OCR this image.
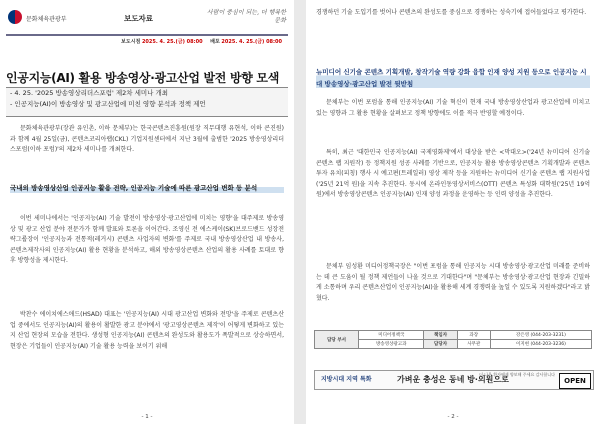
문화체육관광부	보도자료
사람이 중심이 되는, 더 행복한 문화
보도시점 2025. 4. 25.(금) 08:00 배포 2025. 4. 25.(금) 08:00
인공지능(AI) 활용 방송영상·광고산업 발전 방향 모색
- 4. 25. '2025 방송영상리더스포럼' 제2차 세미나 개최
- 인공지능(AI)이 방송영상 및 광고산업에 미친 영향 분석과 정책 제언
문화체육관광부(장관 유인촌, 이하 문체부)는 한국콘텐츠진흥원(원장 직무대행 유현석, 이하 콘진원)과 함께 4월 25일(금), 콘텐츠코리아랩(CKL) 기업지원센터에서 지난 3월에 출범한 '2025 방송영상리더스포럼(이하 포럼)'의 제2차 세미나를 개최한다.
국내외 방송영상산업 인공지능 활용 전략, 인공지능 기술에 따른 광고산업 변화 등 분석
이번 세미나에서는 '인공지능(AI) 기술 발전이 방송영상·광고산업에 미치는 영향'을 대주제로 방송영상 및 광고 산업 분야 전문가가 함께 발표와 토론을 이어간다. 조영신 전 에스케이(SK)브로드밴드 성장전략그룹장이 '인공지능과 전통적(레거시) 콘텐츠 사업자의 변화'를 주제로 국내 방송영상산업 내 방송사, 콘텐츠제작사의 인공지능(AI) 활용 현황을 분석하고, 해외 방송영상콘텐츠 산업의 활용 사례를 토대로 향후 방향성을 제시한다.
박찬수 에이치에스애드(HSAD) 대표는 '인공지능(AI) 시대 광고산업 변화와 전망'을 주제로 콘텐츠산업 중에서도 인공지능(AI)의 활용이 활발한 광고 분야에서 '광고영상콘텐츠 제작'이 어떻게 변화하고 있는지 산업 현장의 모습을 전한다. 생성형 인공지능(AI) 콘텐츠의 완성도와 활용도가 폭발적으로 상승하면서, 현장은 기업들이 인공지능(AI) 기술 활용 능력을 보이기 위해
- 1 -
경쟁하던 기술 도입기를 벗어나 콘텐츠의 완성도를 중심으로 경쟁하는 성숙기에 접어들었다고 평가한다.
뉴미디어 신기술 콘텐츠 기획개발, 창작기술 역량 강화 융합 인재 양성 지원 등으로 인공지능 시대 방송영상·광고산업 발전 뒷받침
문체부는 이번 포럼을 통해 인공지능(AI) 기술 혁신이 현재 국내 방송영상산업과 광고산업에 미치고 있는 영향과 그 활용 현황을 살펴보고 정책 방향에도 이를 적극 반영할 예정이다.
특히, 최근 '대한민국 인공지능(AI) 국제영화제'에서 대상을 받은 <막대오>('24년 뉴미디어 신기술 콘텐츠 랩 지원작) 등 정책지원 성공 사례를 기반으로, 인공지능 활용 방송영상콘텐츠 기획개발과 콘텐츠 투자 유치(피칭) 행사 시 예고편(트레일러) 영상 제작 등을 지원하는 뉴미디어 신기술 콘텐츠 랩 지원사업('25년 21억 원)을 지속 추진한다. 동시에 온라인동영상서비스(OTT) 콘텐츠 특성화 대학원('25년 19억 원)에서 방송영상콘텐츠 인공지능(AI) 인재 양성 과정을 운영하는 등 인력 양성을 추진한다.
문체부 임성환 미디어정책국장은 "이번 포럼을 통해 인공지능 시대 방송영상·광고산업 미래를 준비하는 데 큰 도움이 될 정책 제언들이 나올 것으로 기대한다"며 "문체부는 방송영상·광고산업 현장과 긴밀하게 소통하며 우리 콘텐츠산업이 인공지능(AI)을 활용해 세계 경쟁력을 높일 수 있도록 지원하겠다"라고 밝혔다.
담당 부서	미디어정책국	책임자	과장	강은영 (044-203-3231)
	방송영상광고과	담당자	사무관	이지현 (044-203-3236)
지방시대 지역 특화	가벼운 충성은 동네 방·의원으로
더 나은 환자에게 양보해 주세요 감사합니다
OPEN
- 2 -
